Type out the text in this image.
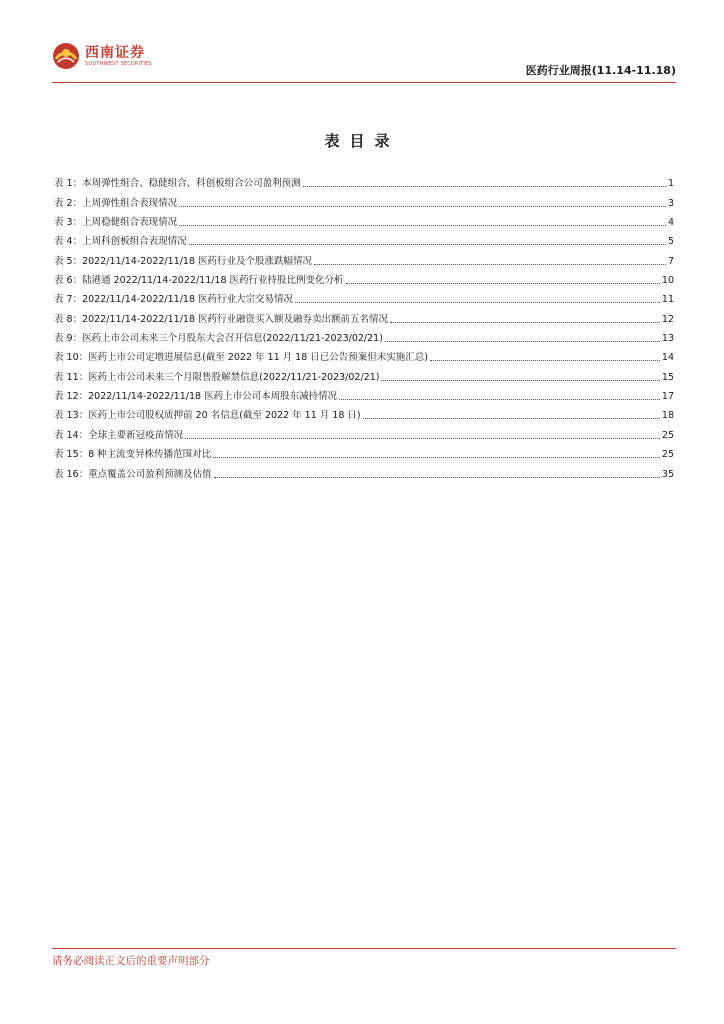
西南证券
SOUTHWEST SECURITIES
医药行业周报(11.14-11.18)
表目录
表 1：本周弹性组合、稳健组合、科创板组合公司盈利预测	1
表 2：上周弹性组合表现情况	3
表 3：上周稳健组合表现情况	4
表 4：上周科创板组合表现情况	5
表 5：2022/11/14-2022/11/18 医药行业及个股涨跌幅情况	7
表 6：陆港通 2022/11/14-2022/11/18 医药行业持股比例变化分析	10
表 7：2022/11/14-2022/11/18 医药行业大宗交易情况	11
表 8：2022/11/14-2022/11/18 医药行业融资买入额及融券卖出额前五名情况	12
表 9：医药上市公司未来三个月股东大会召开信息(2022/11/21-2023/02/21)	13
表 10：医药上市公司定增进展信息(截至 2022 年 11 月 18 日已公告预案但未实施汇总)	14
表 11：医药上市公司未来三个月限售股解禁信息(2022/11/21-2023/02/21)	15
表 12：2022/11/14-2022/11/18 医药上市公司本周股东减持情况	17
表 13：医药上市公司股权质押前 20 名信息(截至 2022 年 11 月 18 日)	18
表 14：全球主要新冠疫苗情况	25
表 15：8 种主流变异株传播范围对比	25
表 16：重点覆盖公司盈利预测及估值	35
请务必阅读正文后的重要声明部分
